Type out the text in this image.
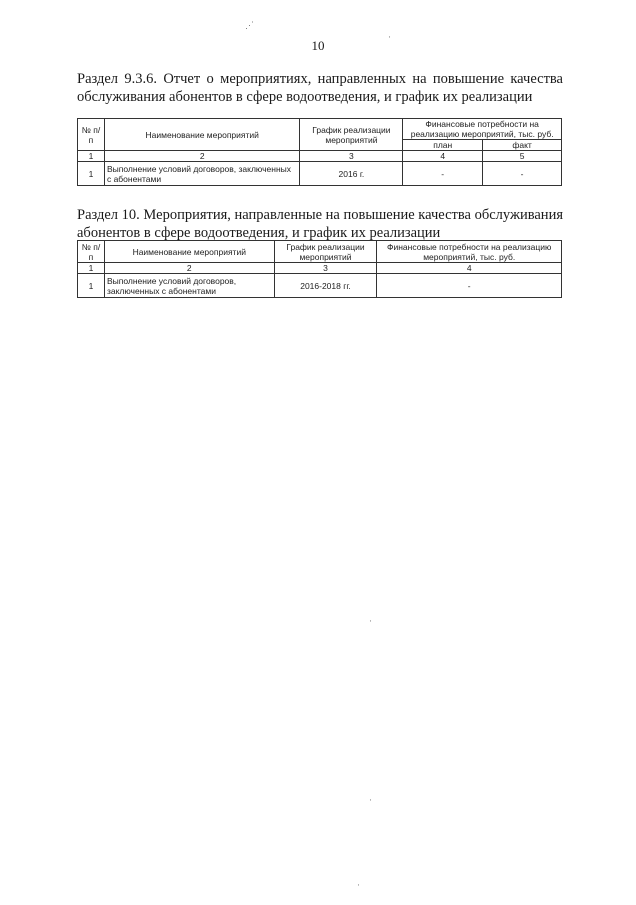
10
Раздел 9.3.6. Отчет о мероприятиях, направленных на повышение качества обслуживания абонентов в сфере водоотведения, и график их реализации
№ п/п	Наименование мероприятий	График реализации мероприятий	Финансовые потребности на реализацию мероприятий, тыс. руб.	
			план	факт
1	2	3	4	5
1	Выполнение условий договоров, заключенных с абонентами	2016 г.	-	-
Раздел 10. Мероприятия, направленные на повышение качества обслуживания абонентов в сфере водоотведения, и график их реализации
№ п/п	Наименование мероприятий	График реализации мероприятий	Финансовые потребности на реализацию мероприятий, тыс. руб.
1	2	3	4
1	Выполнение условий договоров, заключенных с абонентами	2016-2018 гг.	-
⋰
·
·
·
·
